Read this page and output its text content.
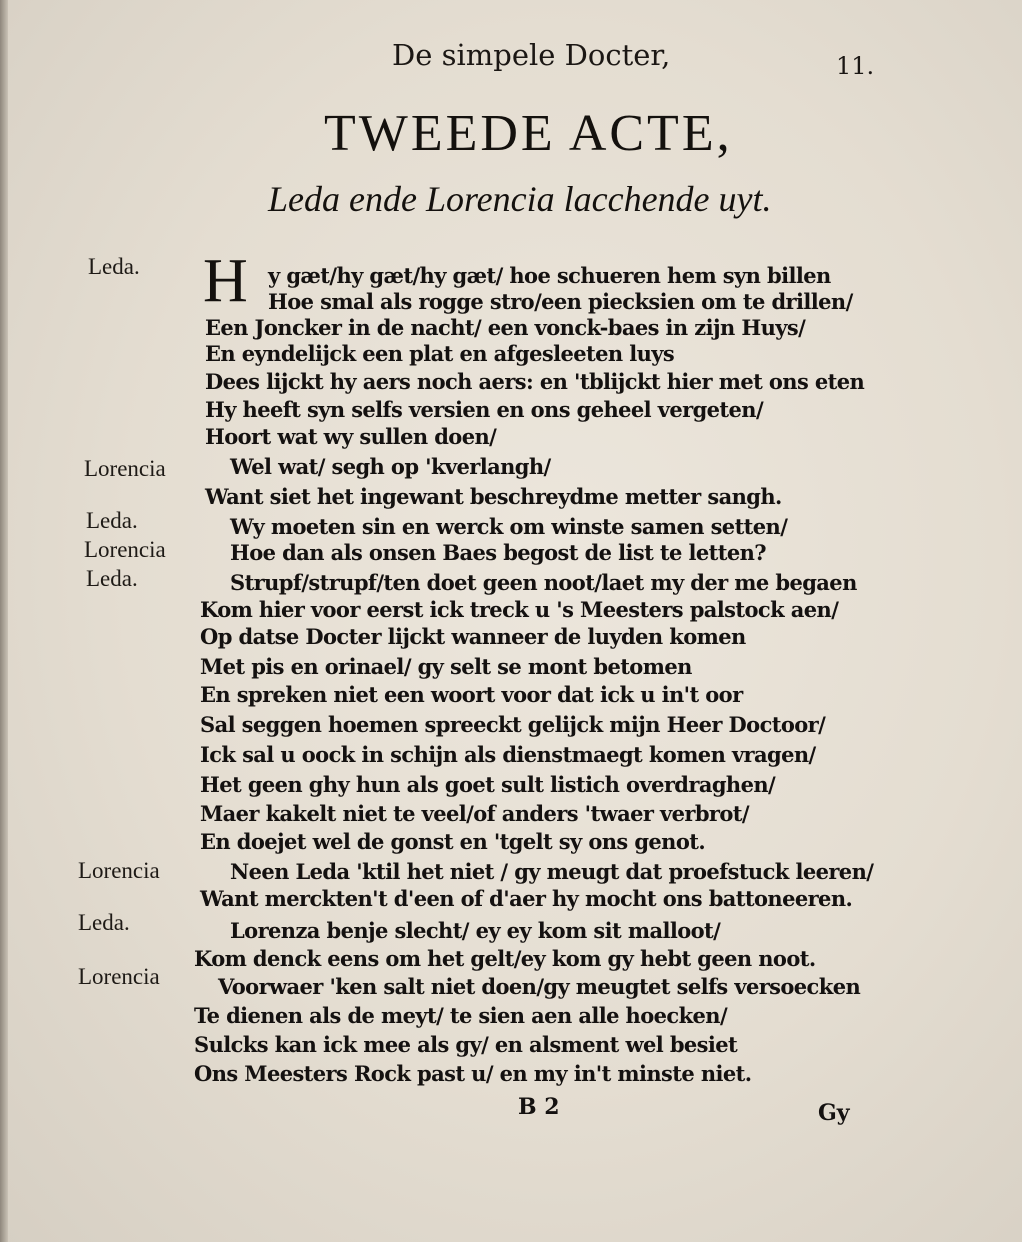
De simpele Docter,	11.
TWEEDE ACTE,
Leda ende Lorencia lacchende uyt.
H
Leda.
Lorencia
Leda.
Lorencia
Leda.
Lorencia
Leda.
Lorencia
y gæt/hy gæt/hy gæt/ hoe schueren hem syn billen
Hoe smal als rogge stro/een piecksien om te drillen/
Een Joncker in de nacht/ een vonck-baes in zijn Huys/
En eyndelijck een plat en afgesleeten luys
Dees lijckt hy aers noch aers: en 'tblijckt hier met ons eten
Hy heeft syn selfs versien en ons geheel vergeten/
Hoort wat wy sullen doen/
Wel wat/ segh op 'kverlangh/
Want siet het ingewant beschreydme metter sangh.
Wy moeten sin en werck om winste samen setten/
Hoe dan als onsen Baes begost de list te letten?
Strupf/strupf/ten doet geen noot/laet my der me begaen
Kom hier voor eerst ick treck u 's Meesters palstock aen/
Op datse Docter lijckt wanneer de luyden komen
Met pis en orinael/ gy selt se mont betomen
En spreken niet een woort voor dat ick u in't oor
Sal seggen hoemen spreeckt gelijck mijn Heer Doctoor/
Ick sal u oock in schijn als dienstmaegt komen vragen/
Het geen ghy hun als goet sult listich overdraghen/
Maer kakelt niet te veel/of anders 'twaer verbrot/
En doejet wel de gonst en 'tgelt sy ons genot.
Neen Leda 'ktil het niet / gy meugt dat proefstuck leeren/
Want merckten't d'een of d'aer hy mocht ons battoneeren.
Lorenza benje slecht/ ey ey kom sit malloot/
Kom denck eens om het gelt/ey kom gy hebt geen noot.
Voorwaer 'ken salt niet doen/gy meugtet selfs versoecken
Te dienen als de meyt/ te sien aen alle hoecken/
Sulcks kan ick mee als gy/ en alsment wel besiet
Ons Meesters Rock past u/ en my in't minste niet.
B 2	Gy
